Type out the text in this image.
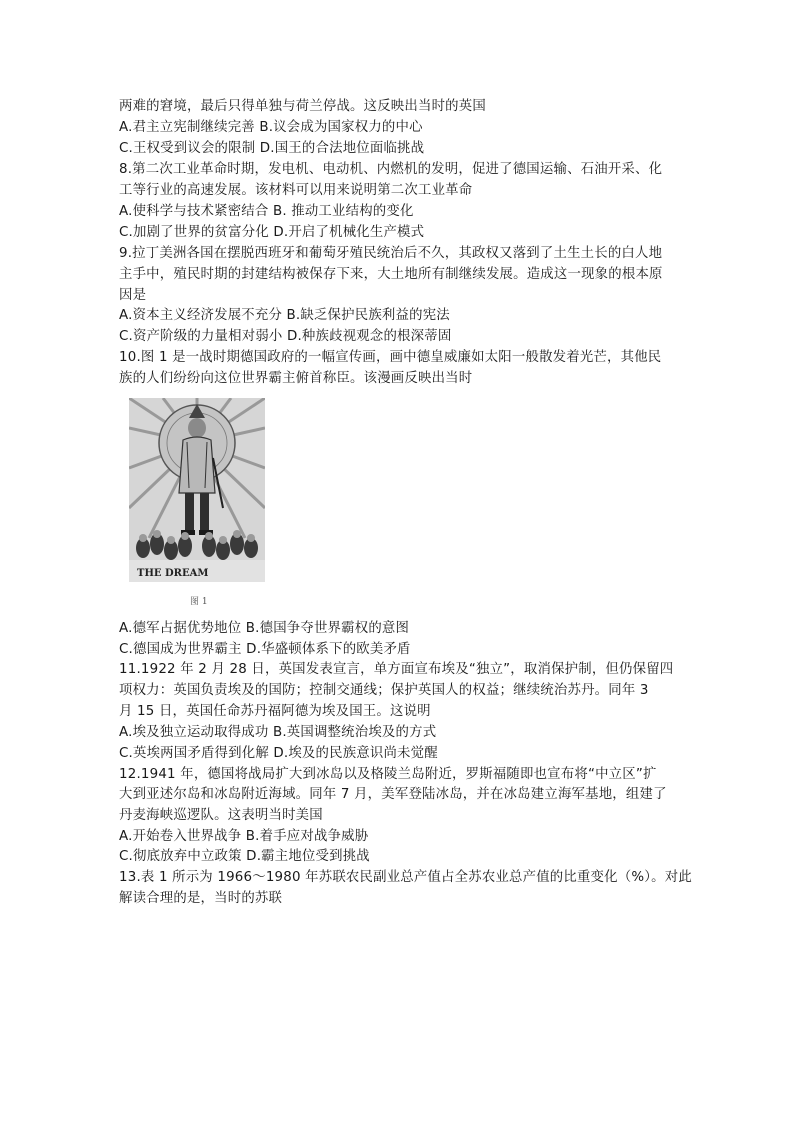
两难的窘境，最后只得单独与荷兰停战。这反映出当时的英国
A.君主立宪制继续完善 B.议会成为国家权力的中心
C.王权受到议会的限制 D.国王的合法地位面临挑战
8.第二次工业革命时期，发电机、电动机、内燃机的发明，促进了德国运输、石油开采、化
工等行业的高速发展。该材料可以用来说明第二次工业革命
A.使科学与技术紧密结合 B. 推动工业结构的变化
C.加剧了世界的贫富分化 D.开启了机械化生产模式
9.拉丁美洲各国在摆脱西班牙和葡萄牙殖民统治后不久，其政权又落到了土生土长的白人地
主手中，殖民时期的封建结构被保存下来，大土地所有制继续发展。造成这一现象的根本原
因是
A.资本主义经济发展不充分 B.缺乏保护民族利益的宪法
C.资产阶级的力量相对弱小 D.种族歧视观念的根深蒂固
10.图 1 是一战时期德国政府的一幅宣传画，画中德皇威廉如太阳一般散发着光芒，其他民
族的人们纷纷向这位世界霸主俯首称臣。该漫画反映出当时
THE DREAM
图 1
A.德军占据优势地位 B.德国争夺世界霸权的意图
C.德国成为世界霸主 D.华盛顿体系下的欧美矛盾
11.1922 年 2 月 28 日，英国发表宣言，单方面宣布埃及“独立”，取消保护制，但仍保留四
项权力：英国负责埃及的国防；控制交通线；保护英国人的权益；继续统治苏丹。同年 3
月 15 日，英国任命苏丹福阿德为埃及国王。这说明
A.埃及独立运动取得成功 B.英国调整统治埃及的方式
C.英埃两国矛盾得到化解 D.埃及的民族意识尚未觉醒
12.1941 年，德国将战局扩大到冰岛以及格陵兰岛附近，罗斯福随即也宣布将“中立区”扩
大到亚述尔岛和冰岛附近海域。同年 7 月，美军登陆冰岛，并在冰岛建立海军基地，组建了
丹麦海峡巡逻队。这表明当时美国
A.开始卷入世界战争 B.着手应对战争威胁
C.彻底放弃中立政策 D.霸主地位受到挑战
13.表 1 所示为 1966～1980 年苏联农民副业总产值占全苏农业总产值的比重变化（%）。对此
解读合理的是，当时的苏联
